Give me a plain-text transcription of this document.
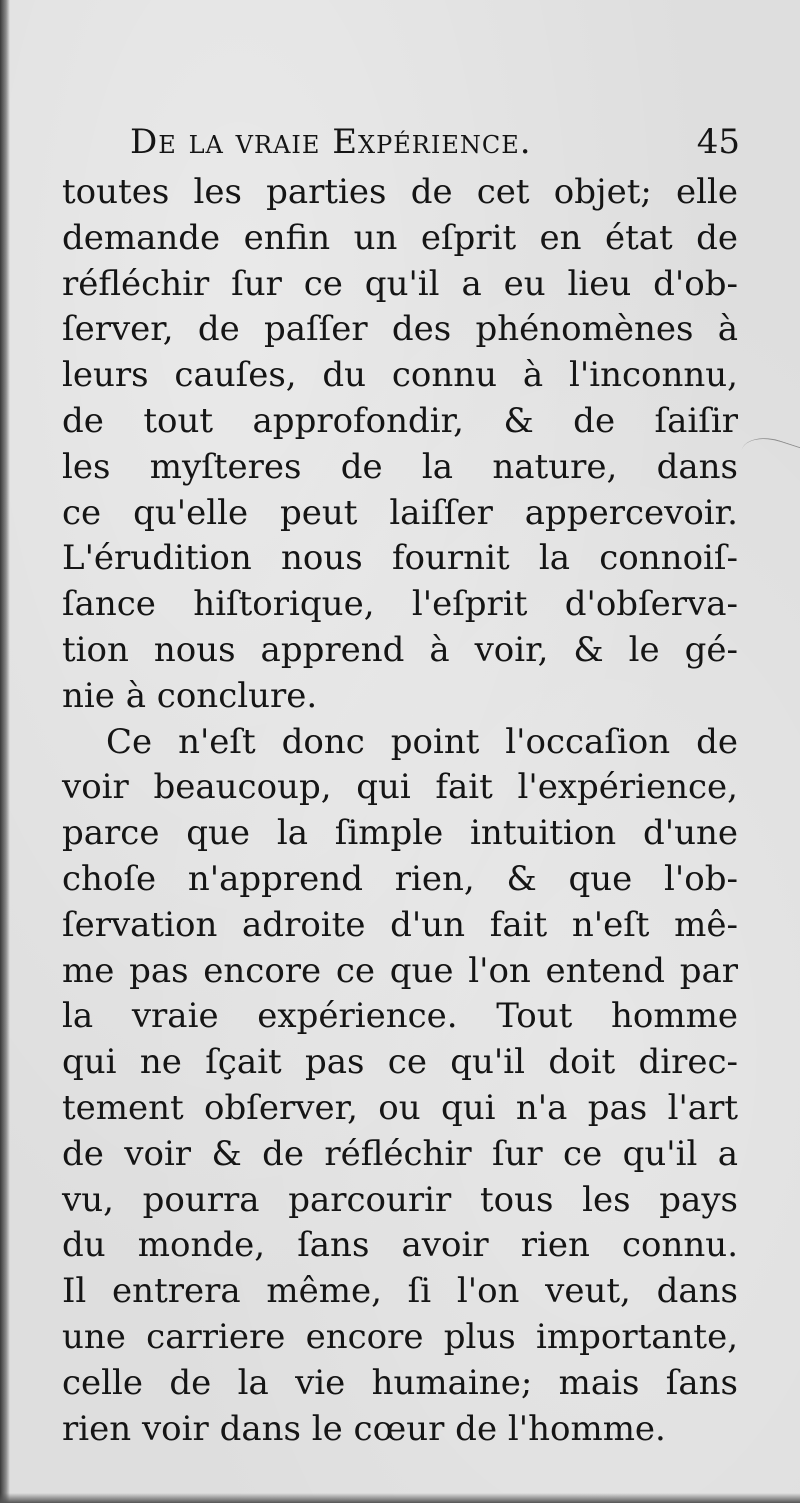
De la vraie Expérience.	45
toutes les parties de cet objet; elle
demande enfin un eſprit en état de
réfléchir ſur ce qu'il a eu lieu d'ob-
ſerver, de paſſer des phénomènes à
leurs cauſes, du connu à l'inconnu,
de tout approfondir, & de ſaiſir
les myſteres de la nature, dans
ce qu'elle peut laiſſer appercevoir.
L'érudition nous fournit la connoiſ-
ſance hiſtorique, l'eſprit d'obſerva-
tion nous apprend à voir, & le gé-
nie à conclure.
Ce n'eſt donc point l'occaſion de
voir beaucoup, qui fait l'expérience,
parce que la ſimple intuition d'une
choſe n'apprend rien, & que l'ob-
ſervation adroite d'un fait n'eſt mê-
me pas encore ce que l'on entend par
la vraie expérience. Tout homme
qui ne ſçait pas ce qu'il doit direc-
tement obſerver, ou qui n'a pas l'art
de voir & de réfléchir ſur ce qu'il a
vu, pourra parcourir tous les pays
du monde, ſans avoir rien connu.
Il entrera même, ſi l'on veut, dans
une carriere encore plus importante,
celle de la vie humaine; mais ſans
rien voir dans le cœur de l'homme.
